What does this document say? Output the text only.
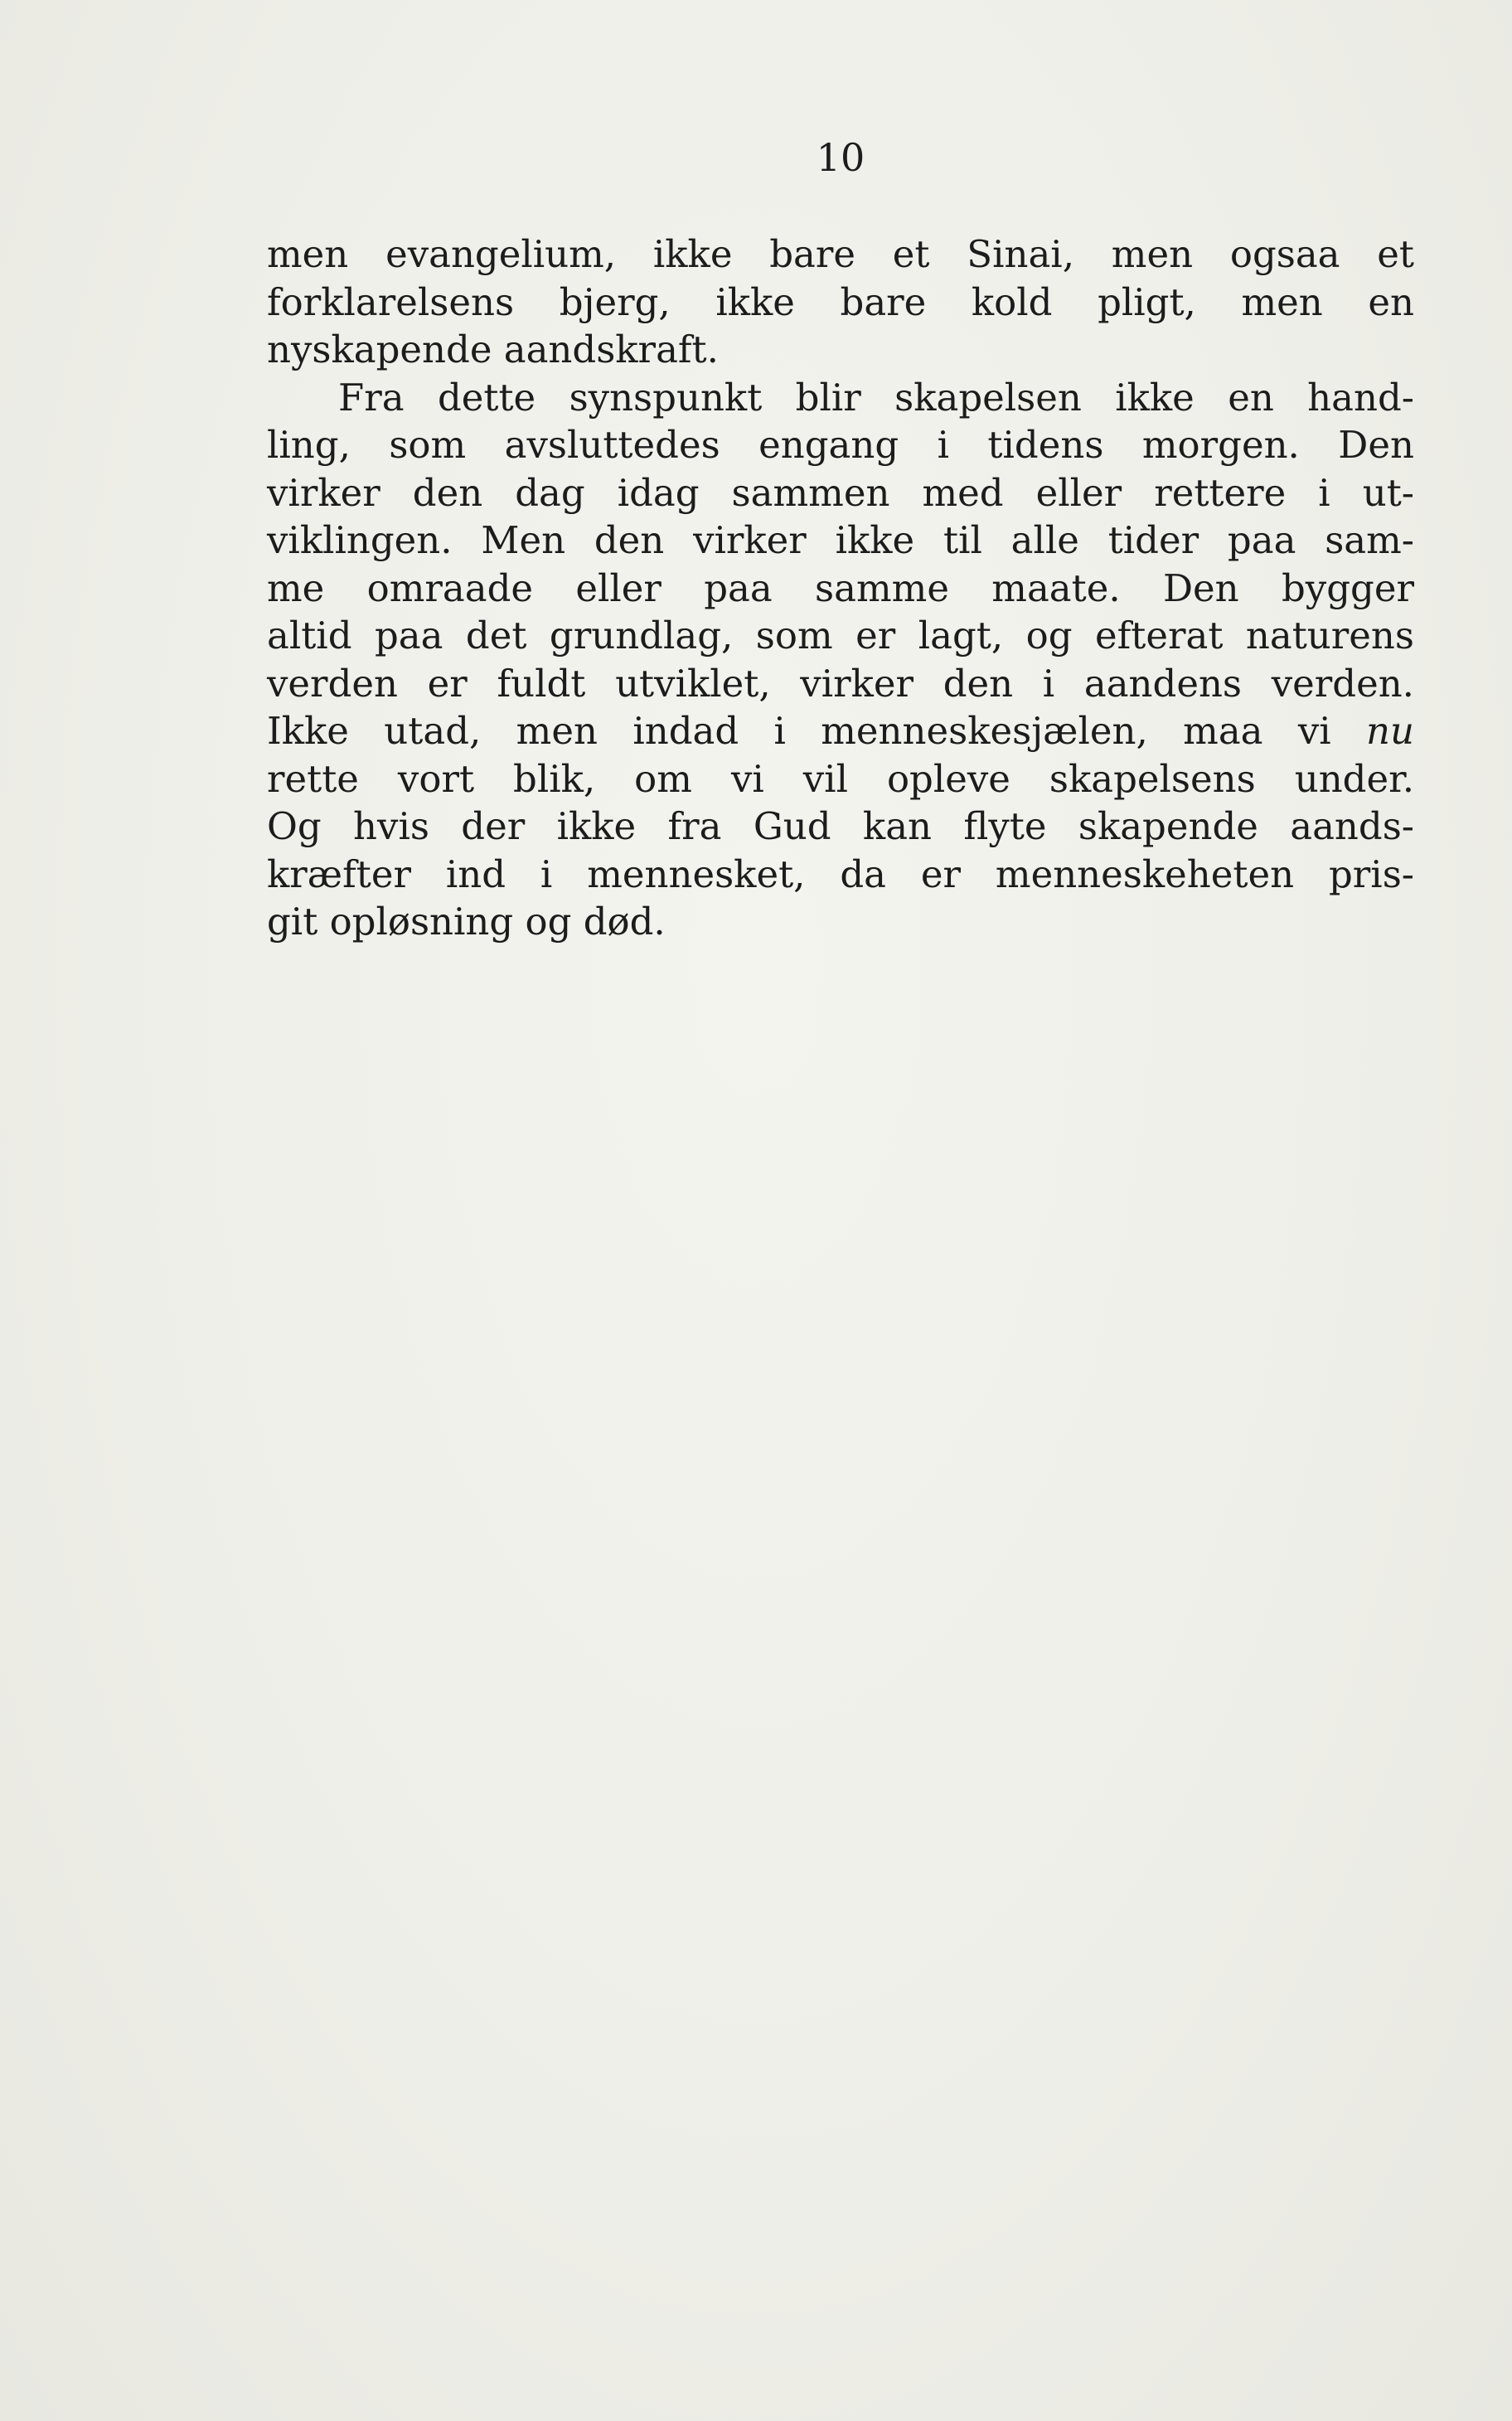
10
men evangelium, ikke bare et Sinai, men ogsaa et
forklarelsens bjerg, ikke bare kold pligt, men en
nyskapende aandskraft.
Fra dette synspunkt blir skapelsen ikke en hand-
ling, som avsluttedes engang i tidens morgen. Den
virker den dag idag sammen med eller rettere i ut-
viklingen. Men den virker ikke til alle tider paa sam-
me omraade eller paa samme maate. Den bygger
altid paa det grundlag, som er lagt, og efterat naturens
verden er fuldt utviklet, virker den i aandens verden.
Ikke utad, men indad i menneskesjælen, maa vi nu
rette vort blik, om vi vil opleve skapelsens under.
Og hvis der ikke fra Gud kan flyte skapende aands-
kræfter ind i mennesket, da er menneskeheten pris-
git opløsning og død.
